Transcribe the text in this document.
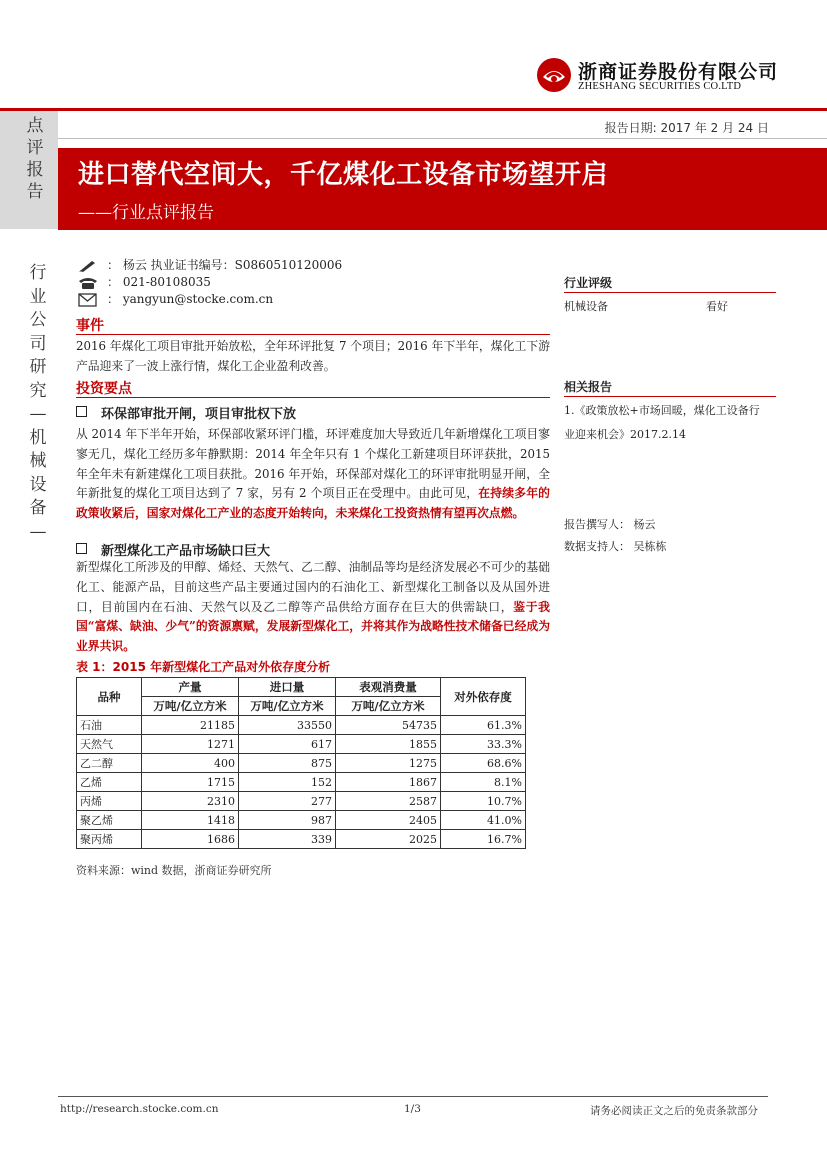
浙商证券股份有限公司
ZHESHANG SECURITIES CO.LTD
点评报告
报告日期: 2017 年 2 月 24 日
进口替代空间大，千亿煤化工设备市场望开启
——行业点评报告
行业公司研究—机械设备—
： 杨云 执业证书编号：S0860510120006
： 021-80108035
： yangyun@stocke.com.cn
事件
2016 年煤化工项目审批开始放松，全年环评批复 7 个项目；2016 年下半年，煤化工下游产品迎来了一波上涨行情，煤化工企业盈利改善。
投资要点
环保部审批开闸，项目审批权下放
从 2014 年下半年开始，环保部收紧环评门槛，环评难度加大导致近几年新增煤化工项目寥寥无几，煤化工经历多年静默期：2014 年全年只有 1 个煤化工新建项目环评获批，2015 年全年未有新建煤化工项目获批。2016 年开始，环保部对煤化工的环评审批明显开闸，全年新批复的煤化工项目达到了 7 家，另有 2 个项目正在受理中。由此可见，在持续多年的政策收紧后，国家对煤化工产业的态度开始转向，未来煤化工投资热情有望再次点燃。
新型煤化工产品市场缺口巨大
新型煤化工所涉及的甲醇、烯烃、天然气、乙二醇、油制品等均是经济发展必不可少的基础化工、能源产品，目前这些产品主要通过国内的石油化工、新型煤化工制备以及从国外进口，目前国内在石油、天然气以及乙二醇等产品供给方面存在巨大的供需缺口，鉴于我国“富煤、缺油、少气”的资源禀赋，发展新型煤化工，并将其作为战略性技术储备已经成为业界共识。
行业评级
机械设备	看好
相关报告
1.《政策放松+市场回暖，煤化工设备行
业迎来机会》2017.2.14
报告撰写人： 杨云
数据支持人： 吴栋栋
表 1：2015 年新型煤化工产品对外依存度分析
品种	产量	进口量	表观消费量	对外依存度
	万吨/亿立方米	万吨/亿立方米	万吨/亿立方米	
石油	21185	33550	54735	61.3%
天然气	1271	617	1855	33.3%
乙二醇	400	875	1275	68.6%
乙烯	1715	152	1867	8.1%
丙烯	2310	277	2587	10.7%
聚乙烯	1418	987	2405	41.0%
聚丙烯	1686	339	2025	16.7%
资料来源：wind 数据，浙商证券研究所
http://research.stocke.com.cn	1/3	请务必阅读正文之后的免责条款部分
